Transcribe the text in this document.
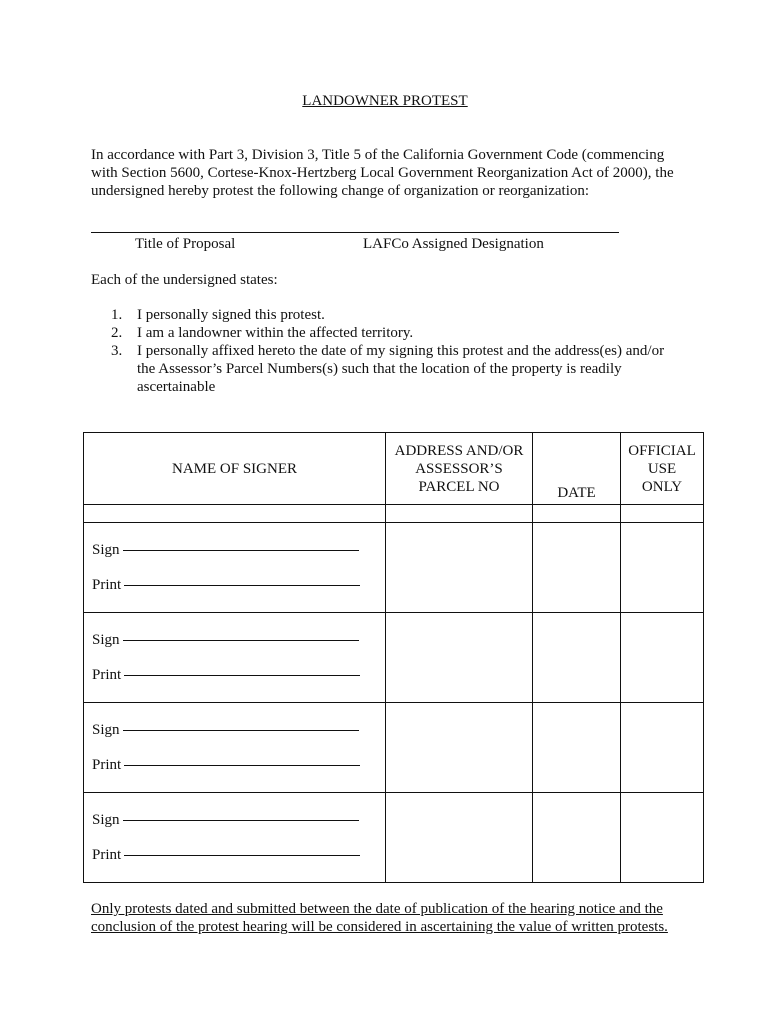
LANDOWNER PROTEST
In accordance with Part 3, Division 3, Title 5 of the California Government Code (commencing with Section 5600, Cortese-Knox-Hertzberg Local Government Reorganization Act of 2000), the undersigned hereby protest the following change of organization or reorganization:
Title of Proposal	LAFCo Assigned Designation
Each of the undersigned states:
1. I personally signed this protest.
2. I am a landowner within the affected territory.
3. I personally affixed hereto the date of my signing this protest and the address(es) and/or the Assessor’s Parcel Numbers(s) such that the location of the property is readily ascertainable
NAME OF SIGNER	ADDRESS AND/OR
ASSESSOR’S
PARCEL NO	DATE	OFFICIAL
USE
ONLY

Sign
Print			

Sign
Print			

Sign
Print			

Sign
Print			

Only protests dated and submitted between the date of publication of the hearing notice and the conclusion of the protest hearing will be considered in ascertaining the value of written protests.
